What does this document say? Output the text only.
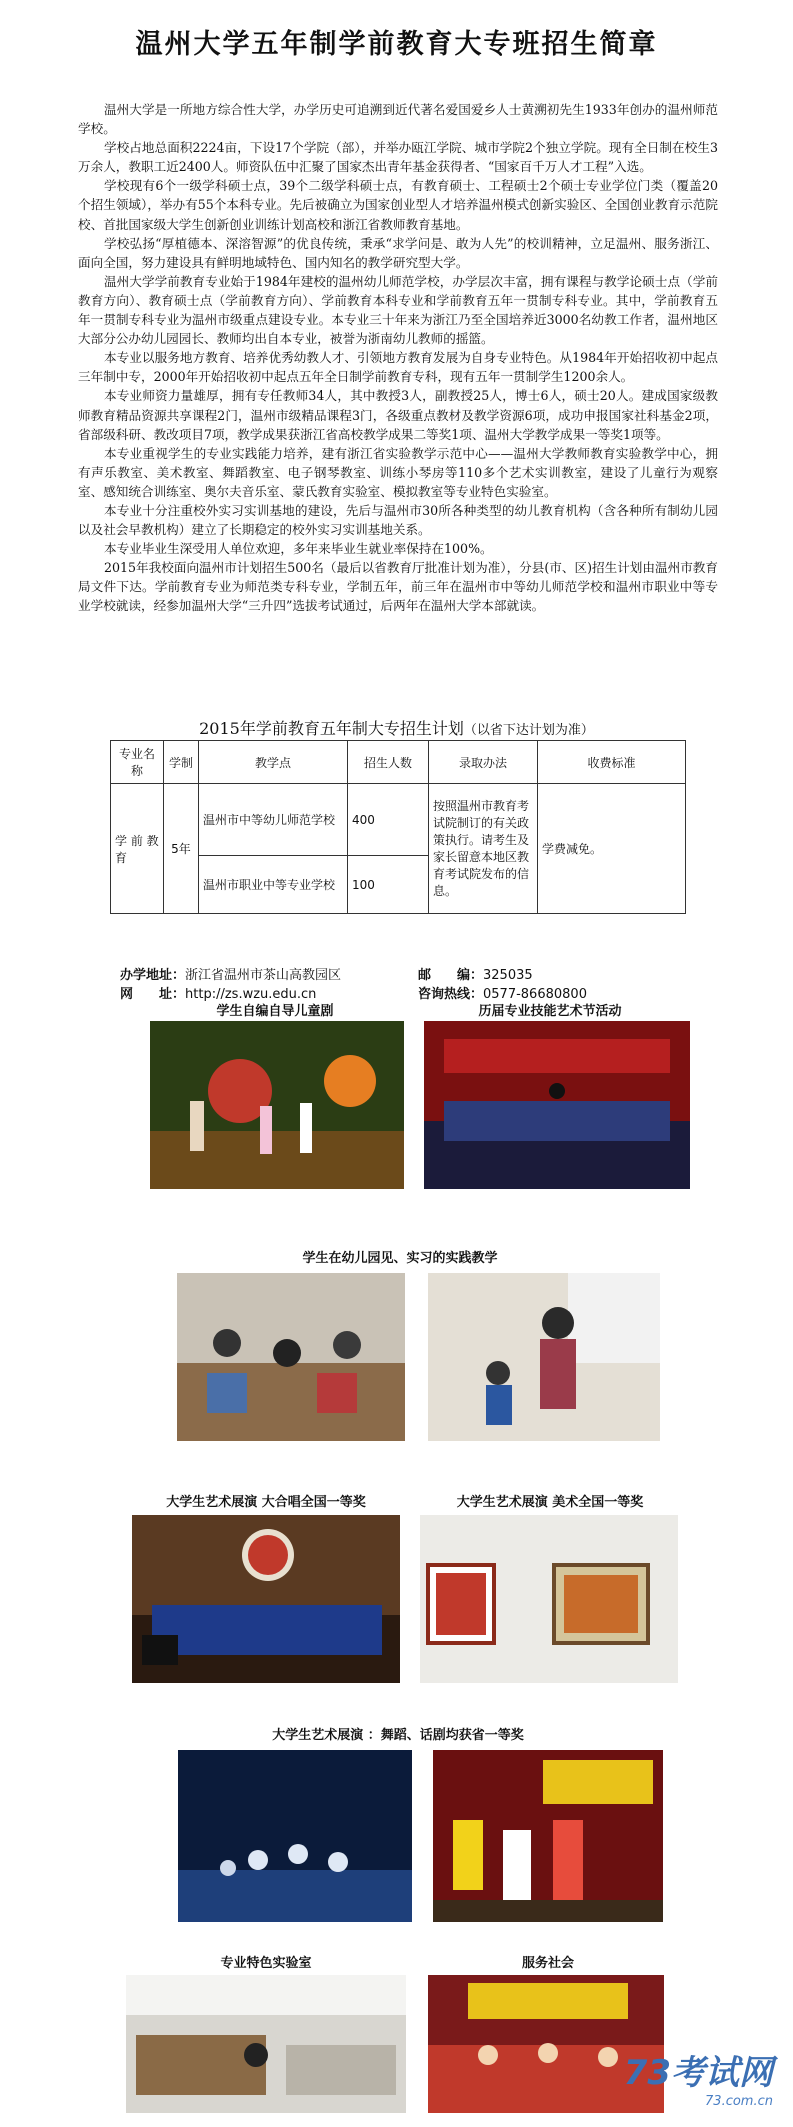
温州大学五年制学前教育大专班招生简章

温州大学是一所地方综合性大学，办学历史可追溯到近代著名爱国爱乡人士黄溯初先生1933年创办的温州师范学校。

学校占地总面积2224亩，下设17个学院（部），并举办瓯江学院、城市学院2个独立学院。现有全日制在校生3万余人，教职工近2400人。师资队伍中汇聚了国家杰出青年基金获得者、“国家百千万人才工程”入选。

学校现有6个一级学科硕士点，39个二级学科硕士点，有教育硕士、工程硕士2个硕士专业学位门类（覆盖20个招生领域），举办有55个本科专业。先后被确立为国家创业型人才培养温州模式创新实验区、全国创业教育示范院校、首批国家级大学生创新创业训练计划高校和浙江省教师教育基地。

学校弘扬“厚植德本、深溶智源”的优良传统，秉承“求学问是、敢为人先”的校训精神，立足温州、服务浙江、面向全国，努力建设具有鲜明地域特色、国内知名的教学研究型大学。

温州大学学前教育专业始于1984年建校的温州幼儿师范学校，办学层次丰富，拥有课程与教学论硕士点（学前教育方向）、教育硕士点（学前教育方向）、学前教育本科专业和学前教育五年一贯制专科专业。其中，学前教育五年一贯制专科专业为温州市级重点建设专业。本专业三十年来为浙江乃至全国培养近3000名幼教工作者，温州地区大部分公办幼儿园园长、教师均出自本专业，被誉为浙南幼儿教师的摇篮。

本专业以服务地方教育、培养优秀幼教人才、引领地方教育发展为自身专业特色。从1984年开始招收初中起点三年制中专，2000年开始招收初中起点五年全日制学前教育专科，现有五年一贯制学生1200余人。

本专业师资力量雄厚，拥有专任教师34人，其中教授3人，副教授25人，博士6人，硕士20人。建成国家级教师教育精品资源共享课程2门，温州市级精品课程3门，各级重点教材及教学资源6项，成功申报国家社科基金2项，省部级科研、教改项目7项，教学成果获浙江省高校教学成果二等奖1项、温州大学教学成果一等奖1项等。

本专业重视学生的专业实践能力培养，建有浙江省实验教学示范中心——温州大学教师教育实验教学中心，拥有声乐教室、美术教室、舞蹈教室、电子钢琴教室、训练小琴房等110多个艺术实训教室，建设了儿童行为观察室、感知统合训练室、奥尔夫音乐室、蒙氏教育实验室、模拟教室等专业特色实验室。

本专业十分注重校外实习实训基地的建设，先后与温州市30所各种类型的幼儿教育机构（含各种所有制幼儿园以及社会早教机构）建立了长期稳定的校外实习实训基地关系。

本专业毕业生深受用人单位欢迎，多年来毕业生就业率保持在100%。

2015年我校面向温州市计划招生500名（最后以省教育厅批准计划为准），分县(市、区)招生计划由温州市教育局文件下达。学前教育专业为师范类专科专业，学制五年，前三年在温州市中等幼儿师范学校和温州市职业中等专业学校就读，经参加温州大学“三升四”选拔考试通过，后两年在温州大学本部就读。

2015年学前教育五年制大专招生计划（以省下达计划为准）
专业名称	学制	教学点	招生人数	录取办法	收费标准
学 前 教育	5年	温州市中等幼儿师范学校	400	按照温州市教育考试院制订的有关政策执行。请考生及家长留意本地区教育考试院发布的信息。	学费减免。
		温州市职业中等专业学校	100		
办学地址：浙江省温州市茶山高教园区	邮　　编：325035
网　　址：http://zs.wzu.edu.cn	咨询热线：0577-86680800
学生自编自导儿童剧	历届专业技能艺术节活动
学生在幼儿园见、实习的实践教学
大学生艺术展演 大合唱全国一等奖	大学生艺术展演 美术全国一等奖
大学生艺术展演 ：舞蹈、话剧均获省一等奖
专业特色实验室	服务社会
73考试网
73.com.cn
